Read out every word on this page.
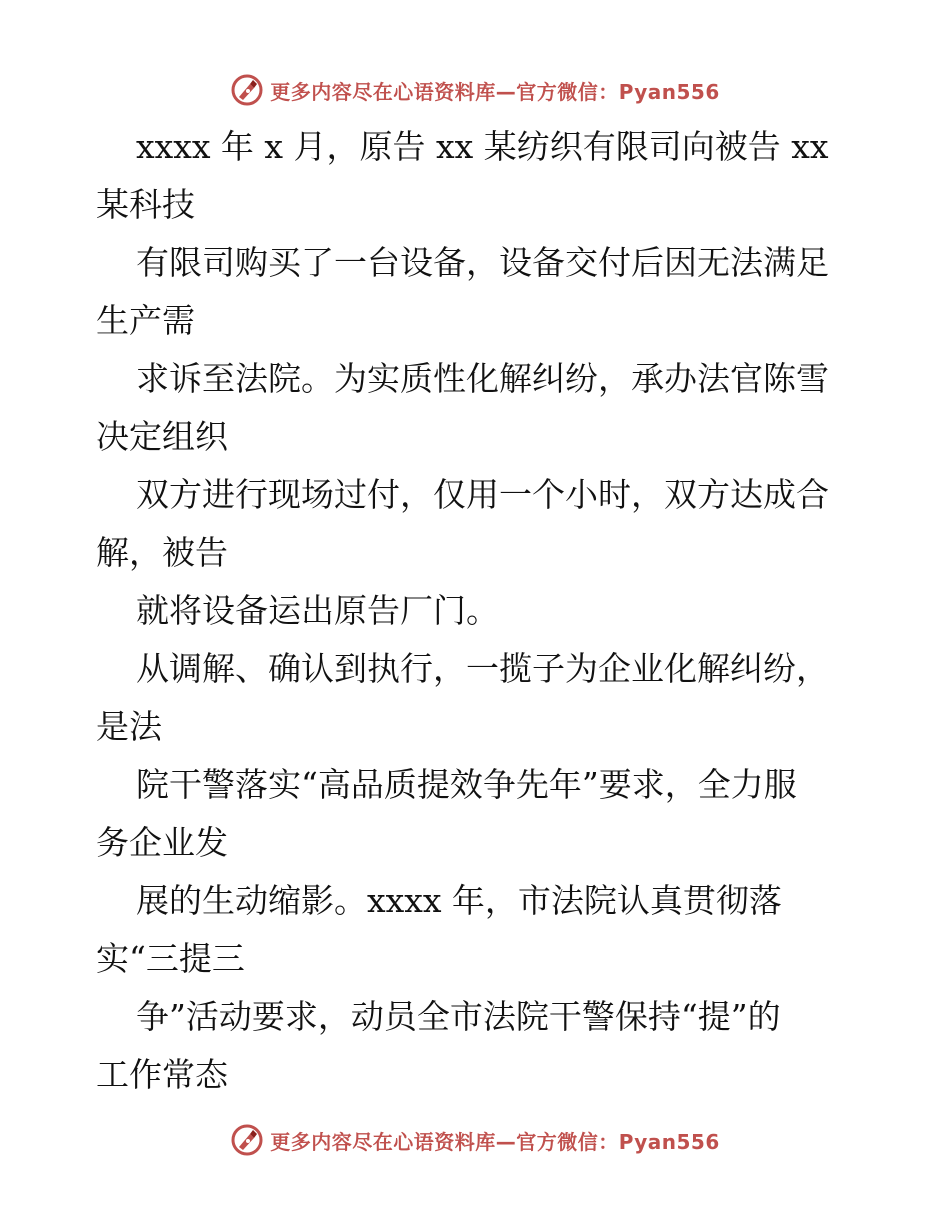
更多内容尽在心语资料库—官方微信：Pyan556
xxxx 年 x 月，原告 xx 某纺织有限司向被告 xx
某科技
有限司购买了一台设备，设备交付后因无法满足
生产需
求诉至法院。为实质性化解纠纷，承办法官陈雪
决定组织
双方进行现场过付，仅用一个小时，双方达成合
解，被告
就将设备运出原告厂门。
从调解、确认到执行，一揽子为企业化解纠纷，
是法
院干警落实“高品质提效争先年”要求，全力服
务企业发
展的生动缩影。xxxx 年，市法院认真贯彻落
实“三提三
争”活动要求，动员全市法院干警保持“提”的
工作常态
更多内容尽在心语资料库—官方微信：Pyan556
